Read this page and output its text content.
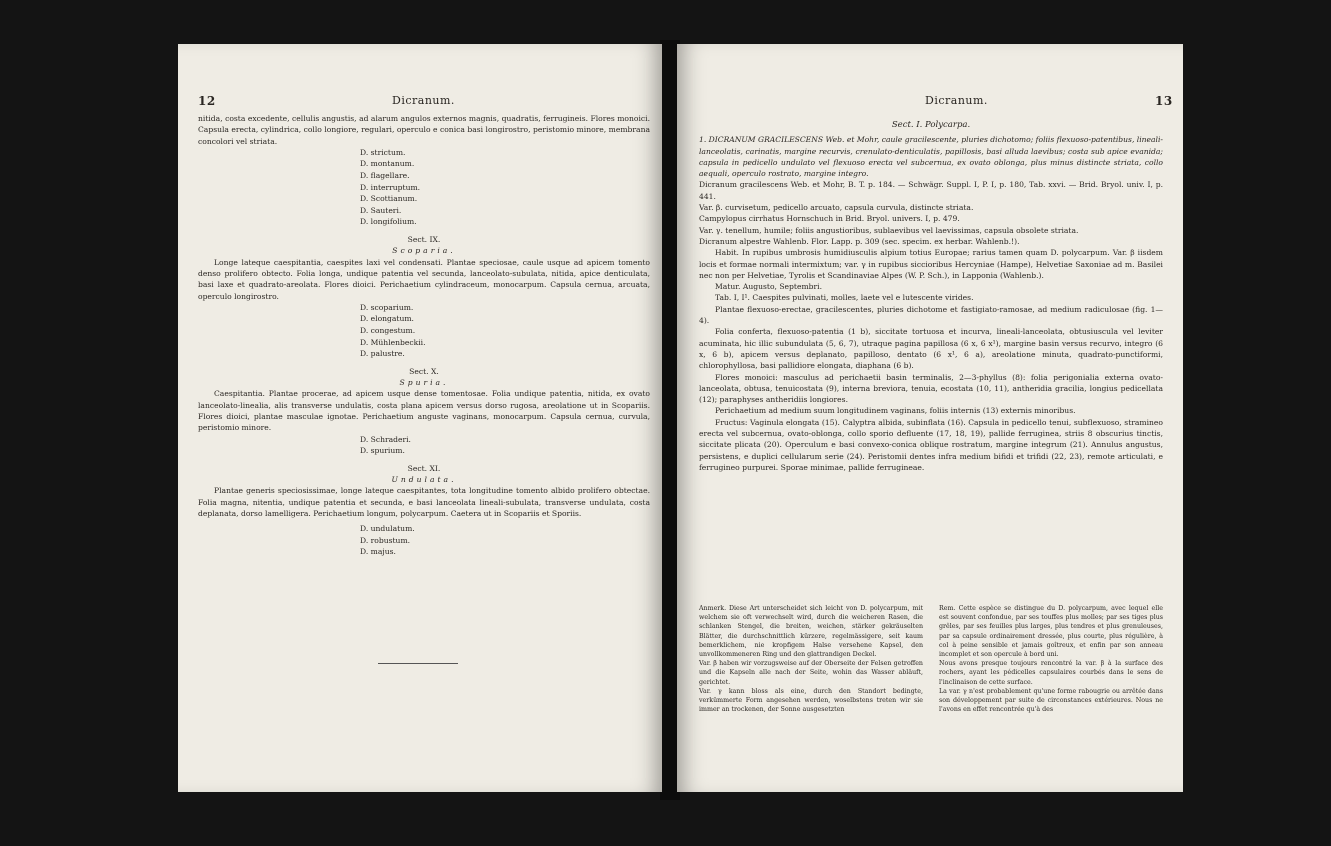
12	Dicranum.

nitida, costa excedente, cellulis angustis, ad alarum angulos externos magnis, quadratis, ferrugineis. Flores monoici. Capsula erecta, cylindrica, collo longiore, regulari, operculo e conica basi longirostro, peristomio minore, membrana concolori vel striata.

D. strictum.
D. montanum.
D. flagellare.
D. interruptum.
D. Scottianum.
D. Sauteri.
D. longifolium.

Sect. IX.

Scoparia.

Longe lateque caespitantia, caespites laxi vel condensati. Plantae speciosae, caule usque ad apicem tomento denso prolifero obtecto. Folia longa, undique patentia vel secunda, lanceolato-subulata, nitida, apice denticulata, basi laxe et quadrato-areolata. Flores dioici. Perichaetium cylindraceum, monocarpum. Capsula cernua, arcuata, operculo longirostro.

D. scoparium.
D. elongatum.
D. congestum.
D. Mühlenbeckii.
D. palustre.

Sect. X.

Spuria.

Caespitantia. Plantae procerae, ad apicem usque dense tomentosae. Folia undique patentia, nitida, ex ovato lanceolato-linealia, alis transverse undulatis, costa plana apicem versus dorso rugosa, areolatione ut in Scopariis. Flores dioici, plantae masculae ignotae. Perichaetium anguste vaginans, monocarpum. Capsula cernua, curvula, peristomio minore.

D. Schraderi.
D. spurium.

Sect. XI.

Undulata.

Plantae generis speciosissimae, longe lateque caespitantes, tota longitudine tomento albido prolifero obtectae. Folia magna, nitentia, undique patentia et secunda, e basi lanceolata lineali-subulata, transverse undulata, costa deplanata, dorso lamelligera. Perichaetium longum, polycarpum. Caetera ut in Scopariis et Sporiis.

D. undulatum.
D. robustum.
D. majus.
Dicranum.	13

Sect. I. Polycarpa.

1. DICRANUM GRACILESCENS Web. et Mohr, caule gracilescente, pluries dichotomo; foliis flexuoso-patentibus, lineali-lanceolatis, carinatis, margine recurvis, crenulato-denticulatis, papillosis, basi alluda laevibus; costa sub apice evanida; capsula in pedicello undulato vel flexuoso erecta vel subcernua, ex ovato oblonga, plus minus distincte striata, collo aequali, operculo rostrato, margine integro.

Dicranum gracilescens Web. et Mohr, B. T. p. 184. — Schwägr. Suppl. I, P. I, p. 180, Tab. xxvi. — Brid. Bryol. univ. I, p. 441.
Var. β. curvisetum, pedicello arcuato, capsula curvula, distincte striata.
Campylopus cirrhatus Hornschuch in Brid. Bryol. univers. I, p. 479.
Var. γ. tenellum, humile; foliis angustioribus, sublaevibus vel laevissimas, capsula obsolete striata.
Dicranum alpestre Wahlenb. Flor. Lapp. p. 309 (sec. specim. ex herbar. Wahlenb.!).

Habit. In rupibus umbrosis humidiusculis alpium totius Europae; rarius tamen quam D. polycarpum. Var. β iisdem locis et formae normali intermixtum; var. γ in rupibus siccioribus Hercyniae (Hampe), Helvetiae Saxoniae ad m. Basilei nec non per Helvetiae, Tyrolis et Scandinaviae Alpes (W. P. Sch.), in Lapponia (Wahlenb.).

Matur. Augusto, Septembri.

Tab. I, I¹. Caespites pulvinati, molles, laete vel e lutescente virides.

Plantae flexuoso-erectae, gracilescentes, pluries dichotome et fastigiato-ramosae, ad medium radiculosae (fig. 1—4).

Folia conferta, flexuoso-patentia (1 b), siccitate tortuosa et incurva, lineali-lanceolata, obtusiuscula vel leviter acuminata, hic illic subundulata (5, 6, 7), utraque pagina papillosa (6 x, 6 x¹), margine basin versus recurvo, integro (6 x, 6 b), apicem versus deplanato, papilloso, dentato (6 x¹, 6 a), areolatione minuta, quadrato-punctiformi, chlorophyllosa, basi pallidiore elongata, diaphana (6 b).

Flores monoici: masculus ad perichaetii basin terminalis, 2—3-phyllus (8): folia perigonialia externa ovato-lanceolata, obtusa, tenuicostata (9), interna breviora, tenuia, ecostata (10, 11), antheridia gracilia, longius pedicellata (12); paraphyses antheridiis longiores.

Perichaetium ad medium suum longitudinem vaginans, foliis internis (13) externis minoribus.

Fructus: Vaginula elongata (15). Calyptra albida, subinflata (16). Capsula in pedicello tenui, subflexuoso, stramineo erecta vel subcernua, ovato-oblonga, collo sporio defluente (17, 18, 19), pallide ferruginea, striis 8 obscurius tinctis, siccitate plicata (20). Operculum e basi convexo-conica oblique rostratum, margine integrum (21). Annulus angustus, persistens, e duplici cellularum serie (24). Peristomii dentes infra medium bifidi et trifidi (22, 23), remote articulati, e ferrugineo purpurei. Sporae minimae, pallide ferrugineae.

Anmerk. Diese Art unterscheidet sich leicht von D. polycarpum, mit welchem sie oft verwechselt wird, durch die weicheren Rasen, die schlanken Stengel, die breiten, weichen, stärker gekräuselten Blätter, die durchschnittlich kürzere, regelmässigere, seit kaum bemerklichem, nie kropfigem Halse versehene Kapsel, den unvollkommeneren Ring und den glattrandigen Deckel.
Var. β haben wir vorzugsweise auf der Oberseite der Felsen getroffen und die Kapseln alle nach der Seite, wohin das Wasser abläuft, gerichtet.
Var. γ kann bloss als eine, durch den Standort bedingte, verkümmerte Form angesehen werden, woselbstens treten wir sie immer an trockenen, der Sonne ausgesetzten
Rem. Cette espèce se distingue du D. polycarpum, avec lequel elle est souvent confondue, par ses touffes plus molles; par ses tiges plus grêles, par ses feuilles plus larges, plus tendres et plus grenuleuses, par sa capsule ordinairement dressée, plus courte, plus régulière, à col à peine sensible et jamais goîtreux, et enfin par son anneau incomplet et son opercule à bord uni.
Nous avons presque toujours rencontré la var. β à la surface des rochers, ayant les pédicelles capsulaires courbés dans le sens de l'inclinaison de cette surface.
La var. γ n'est probablement qu'une forme rabougrie ou arrêtée dans son développement par suite de circonstances extérieures. Nous ne l'avons en effet rencontrée qu'à des
